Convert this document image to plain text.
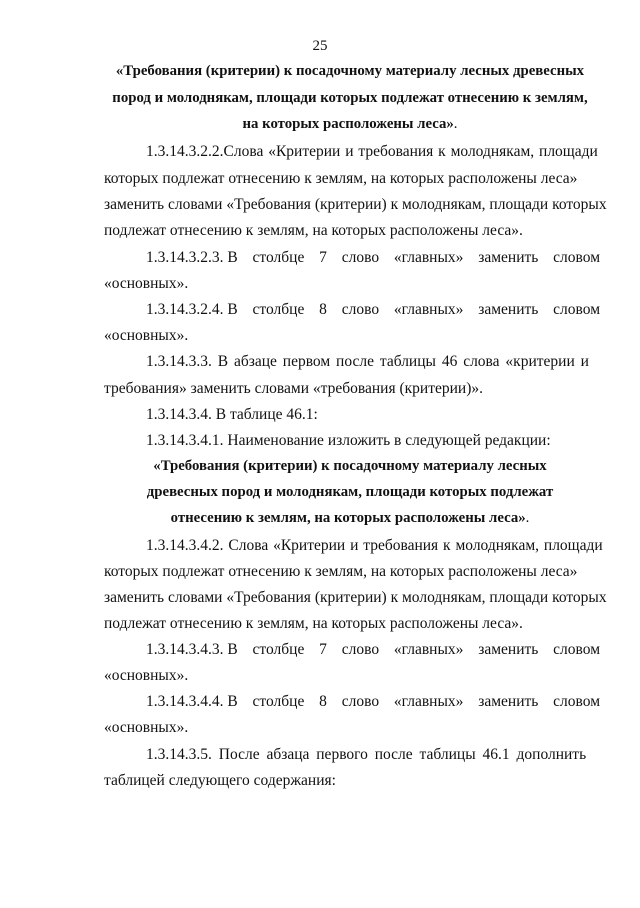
25
«Требования (критерии) к посадочному материалу лесных древесных
пород и молоднякам, площади которых подлежат отнесению к землям,
на которых расположены леса».
1.3.14.3.2.2.Слова «Критерии и требования к молоднякам, площади
которых подлежат отнесению к землям, на которых расположены леса»
заменить словами «Требования (критерии) к молоднякам, площади которых
подлежат отнесению к землям, на которых расположены леса».
1.3.14.3.2.3. В столбце 7 слово «главных» заменить словом
«основных».
1.3.14.3.2.4. В столбце 8 слово «главных» заменить словом
«основных».
1.3.14.3.3. В абзаце первом после таблицы 46 слова «критерии и
требования» заменить словами «требования (критерии)».
1.3.14.3.4. В таблице 46.1:
1.3.14.3.4.1. Наименование изложить в следующей редакции:
«Требования (критерии) к посадочному материалу лесных
древесных пород и молоднякам, площади которых подлежат
отнесению к землям, на которых расположены леса».
1.3.14.3.4.2. Слова «Критерии и требования к молоднякам, площади
которых подлежат отнесению к землям, на которых расположены леса»
заменить словами «Требования (критерии) к молоднякам, площади которых
подлежат отнесению к землям, на которых расположены леса».
1.3.14.3.4.3. В столбце 7 слово «главных» заменить словом
«основных».
1.3.14.3.4.4. В столбце 8 слово «главных» заменить словом
«основных».
1.3.14.3.5. После абзаца первого после таблицы 46.1 дополнить
таблицей следующего содержания:
